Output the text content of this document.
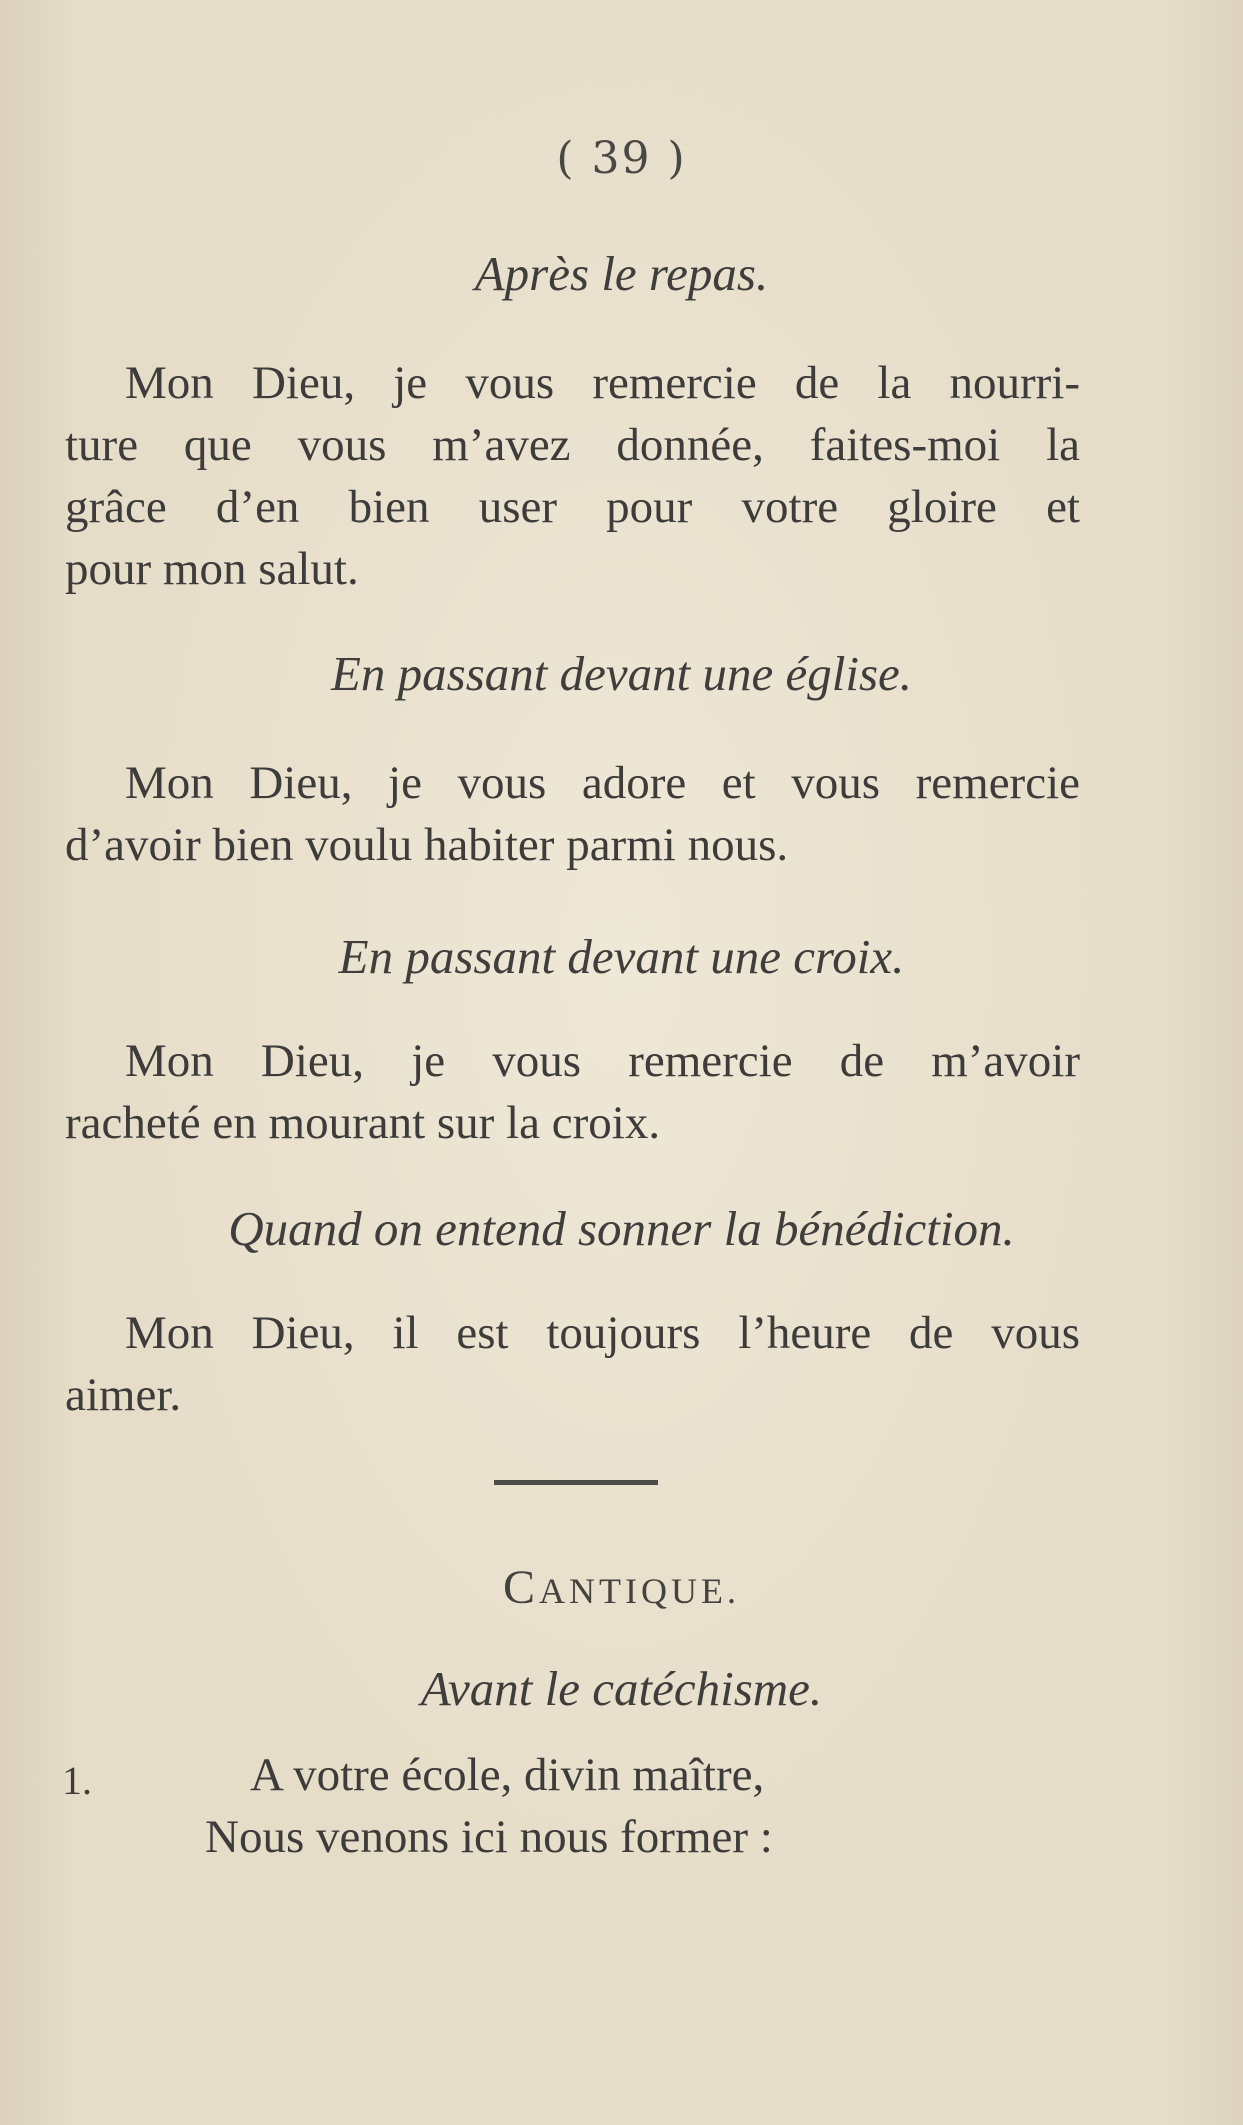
( 39 )
Après le repas.
Mon Dieu, je vous remercie de la nourri-
ture que vous m’avez donnée, faites-moi la
grâce d’en bien user pour votre gloire et
pour mon salut.
En passant devant une église.
Mon Dieu, je vous adore et vous remercie
d’avoir bien voulu habiter parmi nous.
En passant devant une croix.
Mon Dieu, je vous remercie de m’avoir
racheté en mourant sur la croix.
Quand on entend sonner la bénédiction.
Mon Dieu, il est toujours l’heure de vous
aimer.
CANTIQUE.
Avant le catéchisme.
1.	A votre école, divin maître,
Nous venons ici nous former :
